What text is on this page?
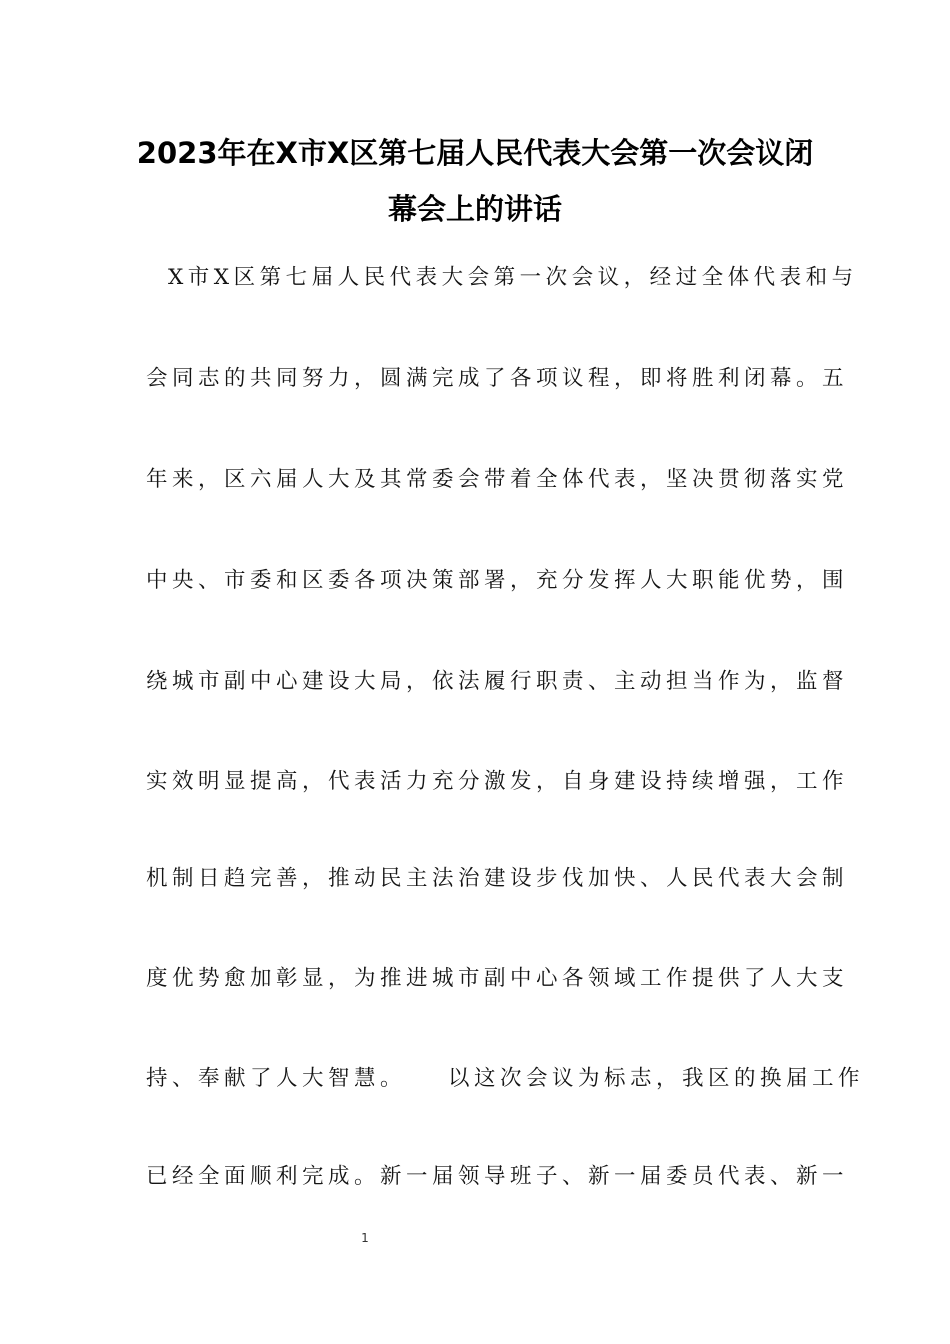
2023年在X市X区第七届人民代表大会第一次会议闭
幕会上的讲话
X市X区第七届人民代表大会第一次会议，经过全体代表和与
会同志的共同努力，圆满完成了各项议程，即将胜利闭幕。五
年来，区六届人大及其常委会带着全体代表，坚决贯彻落实党
中央、市委和区委各项决策部署，充分发挥人大职能优势，围
绕城市副中心建设大局，依法履行职责、主动担当作为，监督
实效明显提高，代表活力充分激发，自身建设持续增强，工作
机制日趋完善，推动民主法治建设步伐加快、人民代表大会制
度优势愈加彰显，为推进城市副中心各领域工作提供了人大支
持、奉献了人大智慧。 以这次会议为标志，我区的换届工作
已经全面顺利完成。新一届领导班子、新一届委员代表、新一
1
